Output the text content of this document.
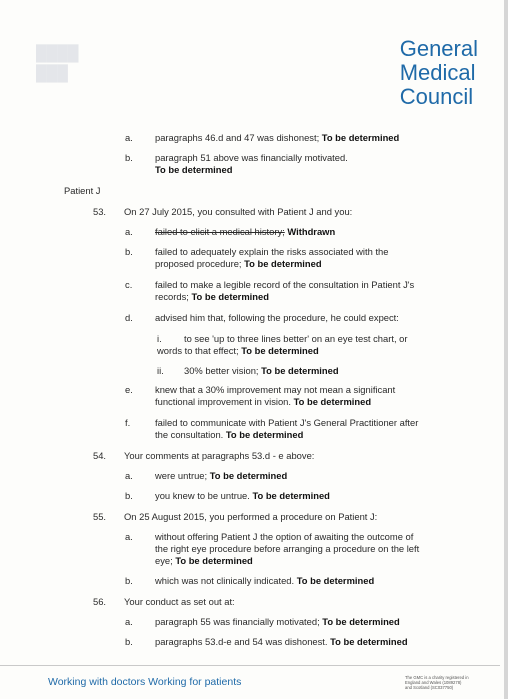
████
███
General
Medical
Council
a. paragraphs 46.d and 47 was dishonest; To be determined
b. paragraph 51 above was financially motivated.
To be determined
Patient J
53. On 27 July 2015, you consulted with Patient J and you:
a. failed to elicit a medical history; Withdrawn
b. failed to adequately explain the risks associated with the
proposed procedure; To be determined
c. failed to make a legible record of the consultation in Patient J's
records; To be determined
d. advised him that, following the procedure, he could expect:
i. to see 'up to three lines better' on an eye test chart, or
words to that effect; To be determined
ii. 30% better vision; To be determined
e. knew that a 30% improvement may not mean a significant
functional improvement in vision. To be determined
f.	failed to communicate with Patient J's General Practitioner after
the consultation. To be determined
54. Your comments at paragraphs 53.d - e above:
a. were untrue; To be determined
b. you knew to be untrue. To be determined
55. On 25 August 2015, you performed a procedure on Patient J:
a. without offering Patient J the option of awaiting the outcome of
the right eye procedure before arranging a procedure on the left
eye; To be determined
b. which was not clinically indicated. To be determined
56. Your conduct as set out at:
a. paragraph 55 was financially motivated; To be determined
b. paragraphs 53.d-e and 54 was dishonest. To be determined
Working with doctors Working for patients	The GMC is a charity registered in
England and Wales (1089278)
and Scotland (SC037750)
